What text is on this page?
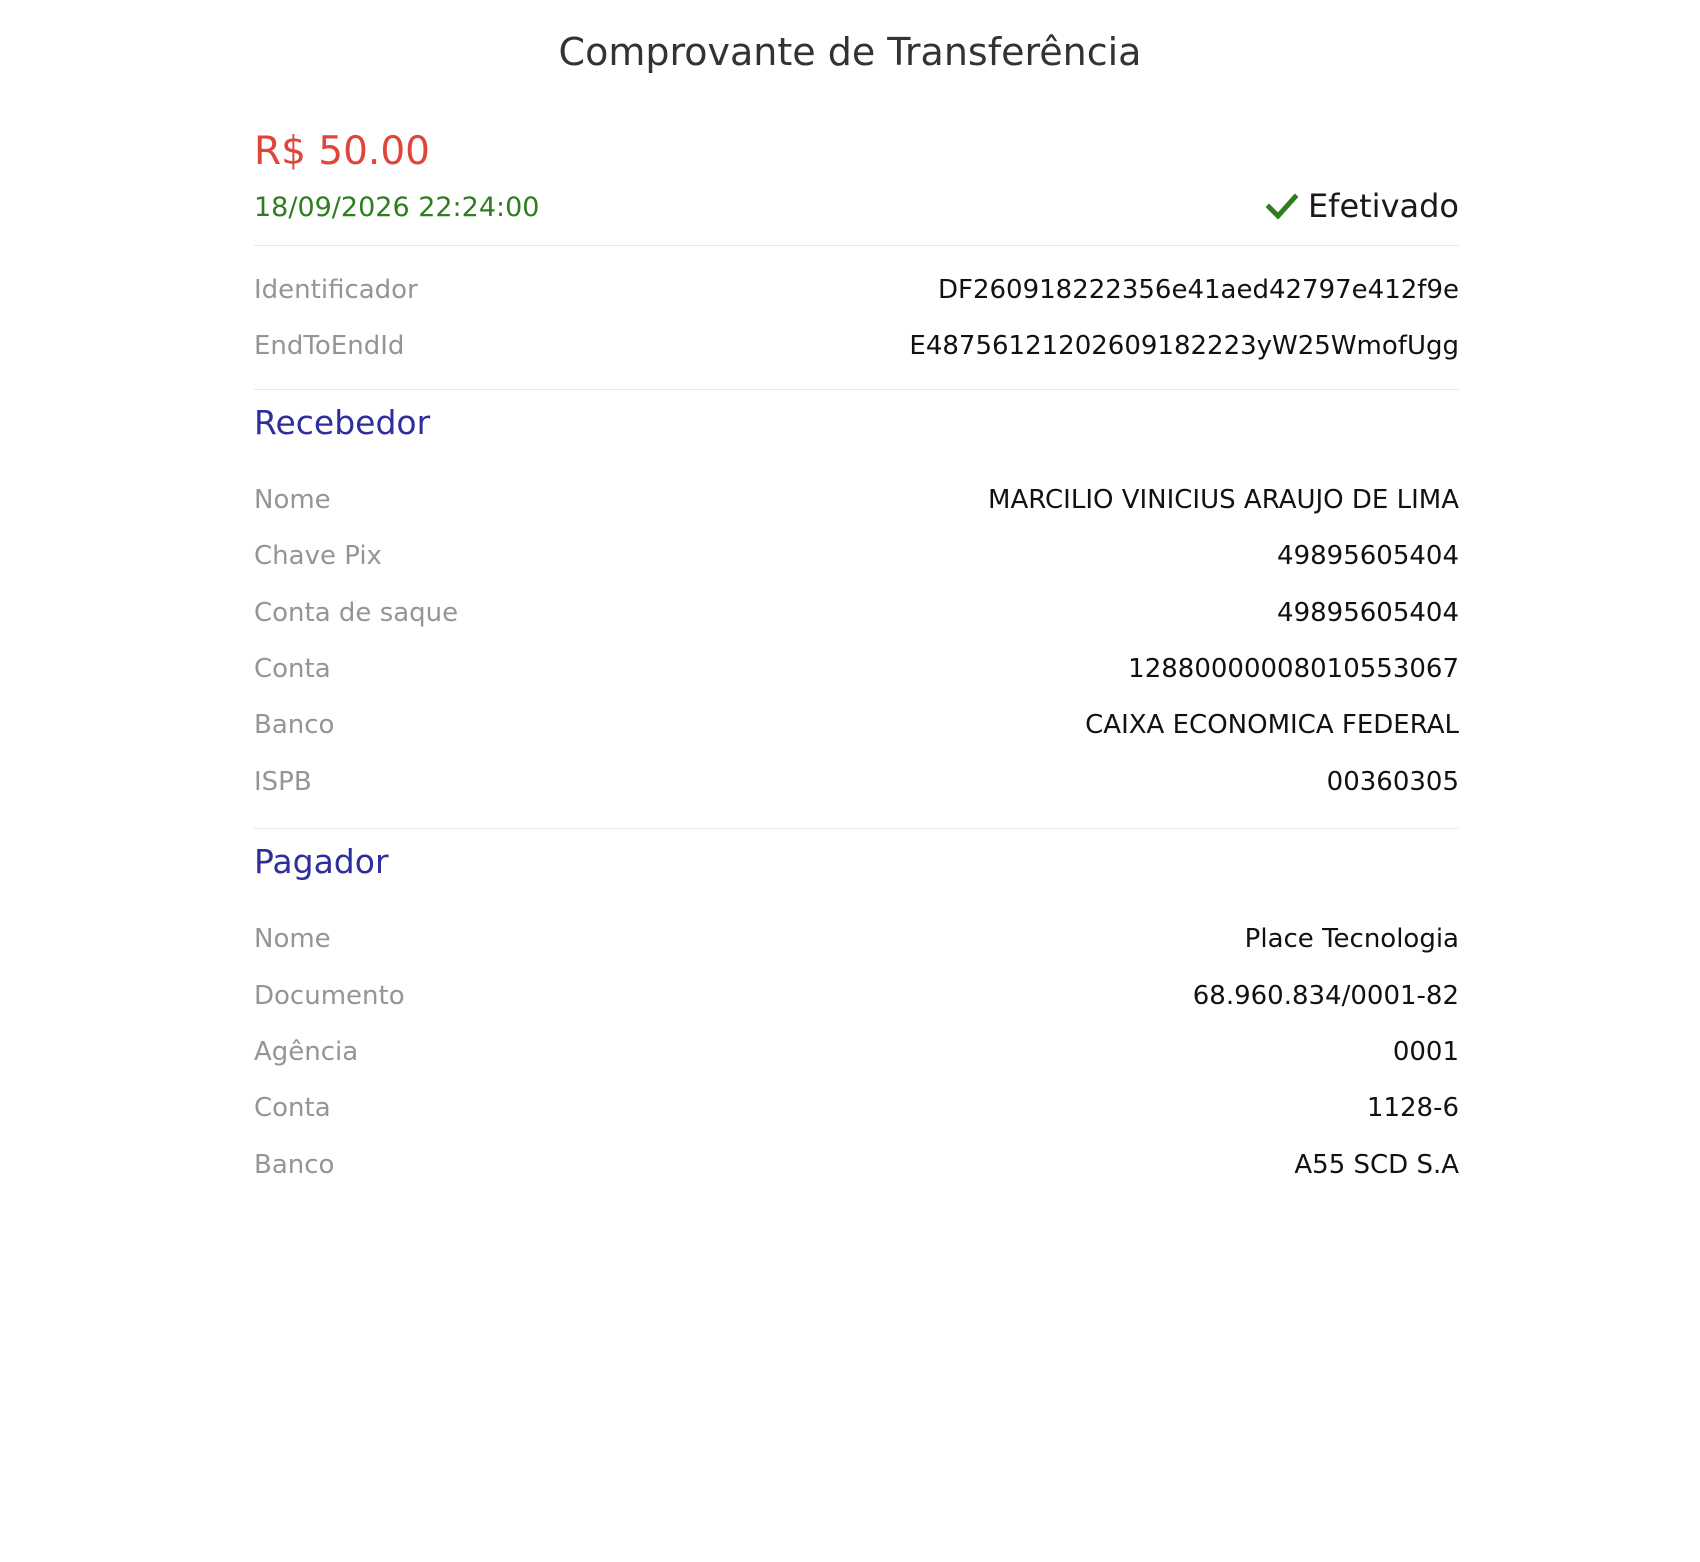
Comprovante de Transferência
R$ 50.00
18/09/2026 22:24:00	Efetivado
Identificador	DF260918222356e41aed42797e412f9e
EndToEndId	E48756121202609182223yW25WmofUgg
Recebedor
Nome	MARCILIO VINICIUS ARAUJO DE LIMA
Chave Pix	49895605404
Conta de saque	49895605404
Conta	12880000008010553067
Banco	CAIXA ECONOMICA FEDERAL
ISPB	00360305
Pagador
Nome	Place Tecnologia
Documento	68.960.834/0001-82
Agência	0001
Conta	1128-6
Banco	A55 SCD S.A
